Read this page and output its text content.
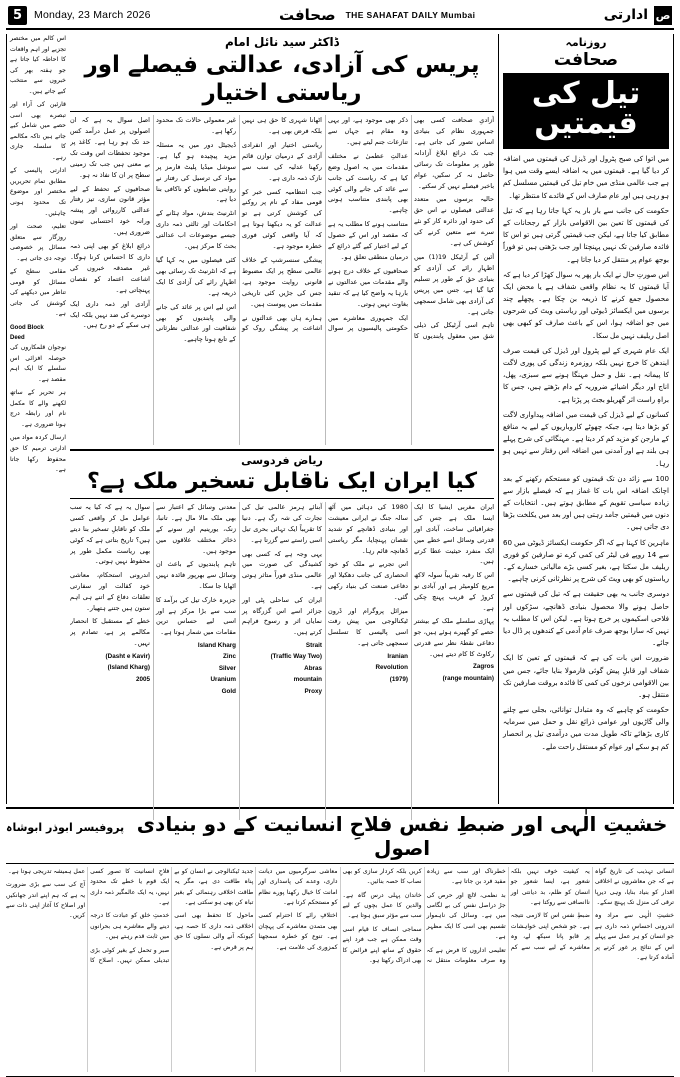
5	Monday, 23 March 2026	صحافت THE SAHAFAT DAILY Mumbai	ادارتی ص
روزنامہ
صحافت
تیل کی قیمتیں

میں اتوا کی صبح پٹرول اور ڈیزل کی قیمتوں میں اضافہ کر دیا گیا ہے۔ قیمتوں میں یہ اضافہ ایسے وقت میں ہوا ہے جب عالمی منڈی میں خام تیل کی قیمتیں مسلسل کم ہو رہی ہیں اور عام صارف اس کے فائدے کا منتظر تھا۔

حکومت کی جانب سے بار بار یہ کہا جاتا رہا ہے کہ تیل کی قیمتوں کا تعین بین الاقوامی بازار کے رجحانات کے مطابق کیا جاتا ہے، لیکن جب قیمتیں گرتی ہیں تو اس کا فائدہ صارفین تک نہیں پہنچتا اور جب بڑھتی ہیں تو فوراً بوجھ عوام پر منتقل کر دیا جاتا ہے۔

اس صورتِ حال نے ایک بار پھر یہ سوال کھڑا کر دیا ہے کہ آیا قیمتوں کا یہ نظام واقعی شفاف ہے یا محض ایک محصول جمع کرنے کا ذریعہ بن چکا ہے۔ پچھلے چند برسوں میں ایکسائز ڈیوٹی اور ریاستی ویٹ کی شرحوں میں جو اضافہ ہوا، اس کے باعث صارف کو کبھی بھی اصل ریلیف نہیں مل سکا۔

ایک عام شہری کے لیے پٹرول اور ڈیزل کی قیمت صرف ایندھن کا خرچ نہیں بلکہ روزمرہ زندگی کی پوری لاگت کا پیمانہ ہے۔ نقل و حمل مہنگا ہونے سے سبزی، پھل، اناج اور دیگر اشیائے ضروریہ کے دام بڑھتے ہیں، جس کا براہِ راست اثر گھریلو بجٹ پر پڑتا ہے۔

کسانوں کے لیے ڈیزل کی قیمت میں اضافہ پیداواری لاگت کو بڑھا دیتا ہے، جبکہ چھوٹے کاروباریوں کے لیے یہ منافع کے مارجن کو مزید کم کر دیتا ہے۔ مہنگائی کی شرح پہلے ہی بلند ہے اور آمدنی میں اضافہ اس رفتار سے نہیں ہو رہا۔

100 سے زائد دن تک قیمتوں کو مستحکم رکھنے کے بعد اچانک اضافہ اس بات کا غماز ہے کہ فیصلے بازار سے زیادہ سیاسی تقویم کے مطابق ہوتے ہیں۔ انتخابات کے دنوں میں قیمتیں جامد رہتی ہیں اور بعد میں یکلخت بڑھا دی جاتی ہیں۔

ماہرین کا کہنا ہے کہ اگر حکومت ایکسائز ڈیوٹی میں 60 سے 14 روپے فی لیٹر کی کمی کرے تو صارفین کو فوری ریلیف مل سکتا ہے، بغیر کسی بڑے مالیاتی خسارے کے۔ ریاستوں کو بھی ویٹ کی شرح پر نظرثانی کرنی چاہیے۔

دوسری جانب یہ بھی حقیقت ہے کہ تیل کی قیمتوں سے حاصل ہونے والا محصول بنیادی ڈھانچے، سڑکوں اور فلاحی اسکیموں پر خرچ ہوتا ہے۔ لیکن اس کا مطلب یہ نہیں کہ سارا بوجھ صرف عام آدمی کے کندھوں پر ڈال دیا جائے۔

ضرورت اس بات کی ہے کہ قیمتوں کے تعین کا ایک شفاف اور قابلِ پیش گوئی فارمولا بنایا جائے، جس میں بین الاقوامی نرخوں کی کمی کا فائدہ بروقت صارفین تک منتقل ہو۔

حکومت کو چاہیے کہ وہ متبادل توانائی، بجلی سے چلنے والی گاڑیوں اور عوامی ذرائع نقل و حمل میں سرمایہ کاری بڑھائے تاکہ طویل مدت میں درآمدی تیل پر انحصار کم ہو سکے اور عوام کو مستقل راحت ملے۔

ڈاکٹر سید نائل امام
پریس کی آزادی، عدالتی فیصلے اور ریاستی اختیار

آزادیِ صحافت کسی بھی جمہوری نظام کی بنیادی اساس تصور کی جاتی ہے۔ جب تک ذرائع ابلاغ آزادانہ طور پر معلومات تک رسائی حاصل نہ کر سکیں، عوام باخبر فیصلے نہیں کر سکتے۔

حالیہ برسوں میں متعدد عدالتی فیصلوں نے اس حق کی حدود اور دائرہ کار کو نئے سرے سے متعین کرنے کی کوشش کی ہے۔

آئین کے آرٹیکل 19(1) میں اظہارِ رائے کی آزادی کو بنیادی حق کے طور پر تسلیم کیا گیا ہے، جس میں پریس کی آزادی بھی شامل سمجھی جاتی ہے۔

تاہم اسی آرٹیکل کی ذیلی شق میں معقول پابندیوں کا ذکر بھی موجود ہے، اور یہی وہ مقام ہے جہاں سے تنازعات جنم لیتے ہیں۔

عدالتِ عظمیٰ نے مختلف مقدمات میں یہ اصول وضع کیا ہے کہ ریاست کی جانب سے عائد کی جانے والی کوئی بھی پابندی متناسب ہونی چاہیے۔

متناسب ہونے کا مطلب یہ ہے کہ مقصد اور اس کے حصول کے لیے اختیار کیے گئے ذرائع کے درمیان منطقی تعلق ہو۔

صحافیوں کے خلاف درج ہونے والے مقدمات میں عدالتوں نے بارہا یہ واضح کیا ہے کہ تنقید بغاوت نہیں ہوتی۔

ایک جمہوری معاشرے میں حکومتی پالیسیوں پر سوال اٹھانا شہری کا حق ہی نہیں بلکہ فرض بھی ہے۔

ریاستی اختیار اور انفرادی آزادی کے درمیان توازن قائم رکھنا عدلیہ کی سب سے نازک ذمہ داری ہے۔

جب انتظامیہ کسی خبر کو قومی مفاد کے نام پر روکنے کی کوشش کرتی ہے تو عدالت کو یہ دیکھنا ہوتا ہے کہ آیا واقعی کوئی فوری خطرہ موجود ہے۔

پیشگی سنسرشپ کے خلاف عالمی سطح پر ایک مضبوط قانونی روایت موجود ہے، جس کی جڑیں کئی تاریخی مقدمات میں پیوست ہیں۔

ہمارے ہاں بھی عدالتوں نے اشاعت پر پیشگی روک کو غیر معمولی حالات تک محدود رکھا ہے۔

ڈیجیٹل دور میں یہ مسئلہ مزید پیچیدہ ہو گیا ہے۔ سوشل میڈیا پلیٹ فارمز پر مواد کی ترسیل کی رفتار نے روایتی ضابطوں کو ناکافی بنا دیا ہے۔

انٹرنیٹ بندش، مواد ہٹانے کے احکامات اور ثالثی ذمہ داری جیسے موضوعات اب عدالتی بحث کا مرکز ہیں۔

کئی فیصلوں میں یہ کہا گیا ہے کہ انٹرنیٹ تک رسائی بھی اظہارِ رائے کی آزادی کا ایک ذریعہ ہے۔

اس لیے اس پر عائد کی جانے والی پابندیوں کو بھی شفافیت اور عدالتی نظرثانی کے تابع ہونا چاہیے۔

اصل سوال یہ ہے کہ ان اصولوں پر عمل درآمد کس حد تک ہو رہا ہے۔ کاغذ پر موجود تحفظات اس وقت تک بے معنی ہیں جب تک زمینی سطح پر ان کا نفاذ نہ ہو۔

صحافیوں کے تحفظ کے لیے مؤثر قانون سازی، تیز رفتار عدالتی کارروائی اور پیشہ ورانہ خود احتسابی تینوں ضروری ہیں۔

ذرائع ابلاغ کو بھی اپنی ذمہ داری کا احساس کرنا ہوگا۔ غیر مصدقہ خبروں کی اشاعت اعتماد کو نقصان پہنچاتی ہے۔

آزادی اور ذمہ داری ایک دوسرے کی ضد نہیں بلکہ ایک ہی سکے کے دو رخ ہیں۔

ریاض فردوسی
کیا ایران ایک ناقابل تسخیر ملک ہے؟

ایران مغربی ایشیا کا ایک ایسا ملک ہے جس کی جغرافیائی ساخت، آبادی اور قدرتی وسائل اسے خطے میں ایک منفرد حیثیت عطا کرتے ہیں۔

اس کا رقبہ تقریباً سولہ لاکھ مربع کلومیٹر ہے اور آبادی نو کروڑ کے قریب پہنچ چکی ہے۔

پہاڑی سلسلے ملک کے بیشتر حصے کو گھیرے ہوئے ہیں، جو دفاعی نقطۂ نظر سے قدرتی رکاوٹ کا کام دیتے ہیں۔

Zagros
(range mountain)

1980 کی دہائی میں آٹھ سالہ جنگ نے ایرانی معیشت اور بنیادی ڈھانچے کو شدید نقصان پہنچایا، مگر ریاستی ڈھانچہ قائم رہا۔

اس تجربے نے ملک کو خود انحصاری کی جانب دھکیلا اور دفاعی صنعت کی بنیاد رکھی گئی۔

میزائل پروگرام اور ڈرون ٹیکنالوجی میں پیش رفت اسی پالیسی کا تسلسل سمجھی جاتی ہے۔

Iranian
Revolution
(1979)

آبنائے ہرمز عالمی تیل کی تجارت کی شہ رگ ہے۔ دنیا کا تقریباً ایک تہائی بحری تیل اسی راستے سے گزرتا ہے۔

یہی وجہ ہے کہ کسی بھی کشیدگی کی صورت میں عالمی منڈی فوراً متاثر ہوتی ہے۔

ایران کی ساحلی پٹی اور جزائر اسے اس گزرگاہ پر نمایاں اثر و رسوخ فراہم کرتے ہیں۔

Strait
(Traffic Way Two)
Abras
mountain
Proxy

معدنی وسائل کے اعتبار سے بھی ملک مالا مال ہے۔ تانبا، زنک، یورینیم اور سونے کے ذخائر مختلف علاقوں میں موجود ہیں۔

تاہم پابندیوں کے باعث ان وسائل سے بھرپور فائدہ نہیں اٹھایا جا سکا۔

جزیرہ خارک تیل کی برآمد کا سب سے بڑا مرکز ہے اور اسی لیے حساس ترین مقامات میں شمار ہوتا ہے۔

Island Kharg
Zinc
Silver
Uranium
Gold

سوال یہ ہے کہ کیا یہ سب عوامل مل کر واقعی کسی ملک کو ناقابلِ تسخیر بنا دیتے ہیں؟ تاریخ بتاتی ہے کہ کوئی بھی ریاست مکمل طور پر محفوظ نہیں ہوتی۔

اندرونی استحکام، معاشی خود کفالت اور سفارتی تعلقات دفاع کے اتنے ہی اہم ستون ہیں جتنے ہتھیار۔

خطے کے مستقبل کا انحصار مکالمے پر ہے، تصادم پر نہیں۔

(Dasht e Kavir)
(Island Kharg)
2005

اس کالم میں مختصر تجزیے اور اہم واقعات کا احاطہ کیا جاتا ہے جو ہفتہ بھر کی خبروں سے منتخب کیے جاتے ہیں۔

قارئین کی آراء اور تبصرے بھی اسی حصے میں شامل کیے جاتے ہیں تاکہ مکالمے کا سلسلہ جاری رہے۔

ادارتی پالیسی کے مطابق تمام تحریریں مختصر اور موضوع تک محدود ہونی چاہئیں۔

تعلیم، صحت اور روزگار سے متعلق مسائل پر خصوصی توجہ دی جاتی ہے۔

مقامی سطح کے مسائل کو قومی تناظر میں دیکھنے کی کوشش کی جاتی ہے۔

Good Block
Deed

نوجوان قلمکاروں کی حوصلہ افزائی اس سلسلے کا ایک اہم مقصد ہے۔

ہر تحریر کے ساتھ لکھنے والے کا مکمل نام اور رابطہ درج ہونا ضروری ہے۔

ارسال کردہ مواد میں ادارتی ترمیم کا حق محفوظ رکھا جاتا ہے۔

خشیتِ الٰہی اور ضبطِ نفس فلاحِ انسانیت کے دو بنیادی اصول
پروفیسر ابوذر ابوشاہ

انسانی تہذیب کی تاریخ گواہ ہے کہ جن معاشروں نے اخلاقی اقدار کو بنیاد بنایا، وہی دیرپا ترقی کی منزل تک پہنچ سکے۔

خشیتِ الٰہی سے مراد وہ اندرونی احساسِ ذمہ داری ہے جو انسان کو ہر عمل سے پہلے اس کے نتائج پر غور کرنے پر آمادہ کرتا ہے۔

یہ کیفیت خوف نہیں بلکہ شعور ہے، ایسا شعور جو انسان کو ظلم، بد دیانتی اور ناانصافی سے روکتا ہے۔

ضبطِ نفس اس کا لازمی نتیجہ ہے۔ جو شخص اپنی خواہشات پر قابو پانا سیکھ لے، وہ معاشرے کے لیے سب سے کم خطرناک اور سب سے زیادہ مفید فرد بن جاتا ہے۔

بد نظمی، لالچ اور حرص کی جڑ دراصل نفس کی بے لگامی میں ہے۔ وسائل کی ناہموار تقسیم بھی اسی کا ایک مظہر ہے۔

تعلیمی اداروں کا فرض ہے کہ وہ صرف معلومات منتقل نہ کریں بلکہ کردار سازی کو بھی نصاب کا حصہ بنائیں۔

خاندان پہلی درس گاہ ہے۔ والدین کا عمل بچوں کے لیے سب سے مؤثر سبق ہوتا ہے۔

سماجی انصاف کا قیام اسی وقت ممکن ہے جب فرد اپنے حقوق کے ساتھ اپنے فرائض کا بھی ادراک رکھتا ہو۔

معاشی سرگرمیوں میں دیانت داری، وعدے کی پاسداری اور امانت کا خیال رکھنا پورے نظام کو مستحکم کرتا ہے۔

اختلافِ رائے کا احترام کسی بھی متمدن معاشرے کی پہچان ہے۔ تنوع کو خطرہ سمجھنا کمزوری کی علامت ہے۔

جدید ٹیکنالوجی نے انسان کو بے پناہ طاقت دی ہے، مگر یہ طاقت اخلاقی رہنمائی کے بغیر تباہ کن بھی ہو سکتی ہے۔

ماحول کا تحفظ بھی اسی اخلاقی ذمہ داری کا حصہ ہے، کیونکہ آنے والی نسلوں کا حق ہم پر قرض ہے۔

فلاحِ انسانیت کا تصور کسی ایک قوم یا خطے تک محدود نہیں، یہ ایک عالمگیر ذمہ داری ہے۔

خدمتِ خلق کو عبادت کا درجہ دینے والے معاشرے ہی بحرانوں میں ثابت قدم رہتے ہیں۔

صبر و تحمل کے بغیر کوئی بڑی تبدیلی ممکن نہیں۔ اصلاح کا عمل ہمیشہ تدریجی ہوتا ہے۔

آج کی سب سے بڑی ضرورت یہ ہے کہ ہم اپنے اندر جھانکیں اور اصلاح کا آغاز اپنی ذات سے کریں۔
